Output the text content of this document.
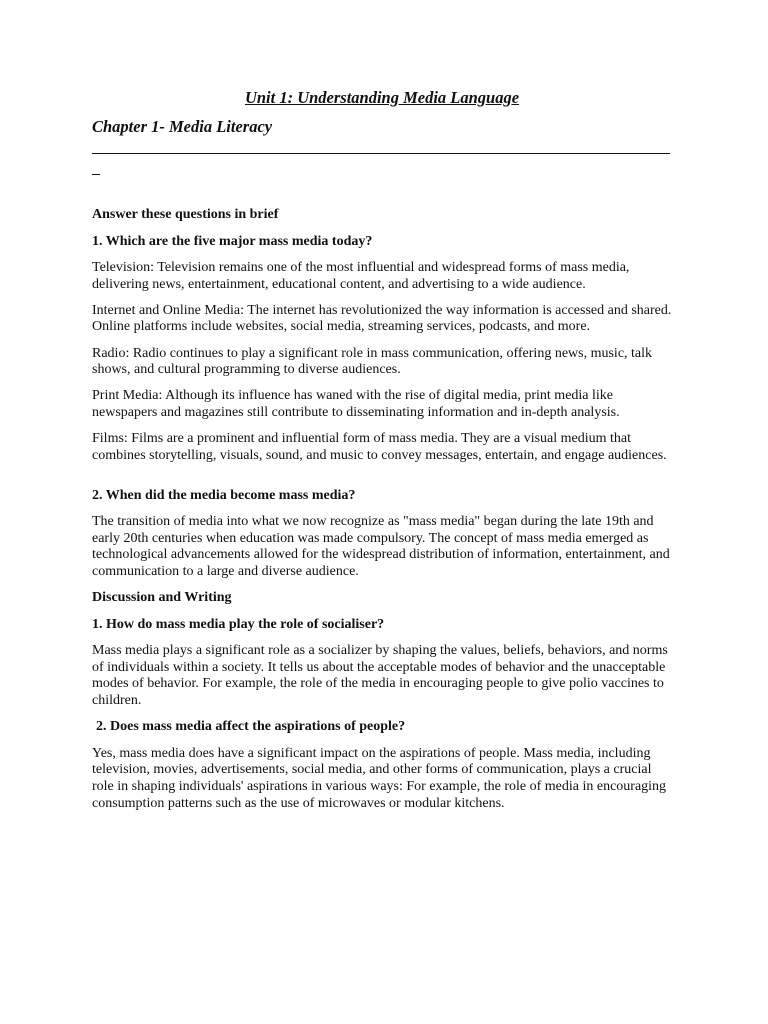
Unit 1: Understanding Media Language
Chapter 1- Media Literacy

Answer these questions in brief

1. Which are the five major mass media today?

Television: Television remains one of the most influential and widespread forms of mass media, delivering news, entertainment, educational content, and advertising to a wide audience.

Internet and Online Media: The internet has revolutionized the way information is accessed and shared. Online platforms include websites, social media, streaming services, podcasts, and more.

Radio: Radio continues to play a significant role in mass communication, offering news, music, talk shows, and cultural programming to diverse audiences.

Print Media: Although its influence has waned with the rise of digital media, print media like newspapers and magazines still contribute to disseminating information and in-depth analysis.

Films: Films are a prominent and influential form of mass media. They are a visual medium that combines storytelling, visuals, sound, and music to convey messages, entertain, and engage audiences.

2. When did the media become mass media?

The transition of media into what we now recognize as "mass media" began during the late 19th and early 20th centuries when education was made compulsory. The concept of mass media emerged as technological advancements allowed for the widespread distribution of information, entertainment, and communication to a large and diverse audience.

Discussion and Writing

1. How do mass media play the role of socialiser?

Mass media plays a significant role as a socializer by shaping the values, beliefs, behaviors, and norms of individuals within a society. It tells us about the acceptable modes of behavior and the unacceptable modes of behavior. For example, the role of the media in encouraging people to give polio vaccines to children.

2. Does mass media affect the aspirations of people?

Yes, mass media does have a significant impact on the aspirations of people. Mass media, including television, movies, advertisements, social media, and other forms of communication, plays a crucial role in shaping individuals' aspirations in various ways: For example, the role of media in encouraging consumption patterns such as the use of microwaves or modular kitchens.
